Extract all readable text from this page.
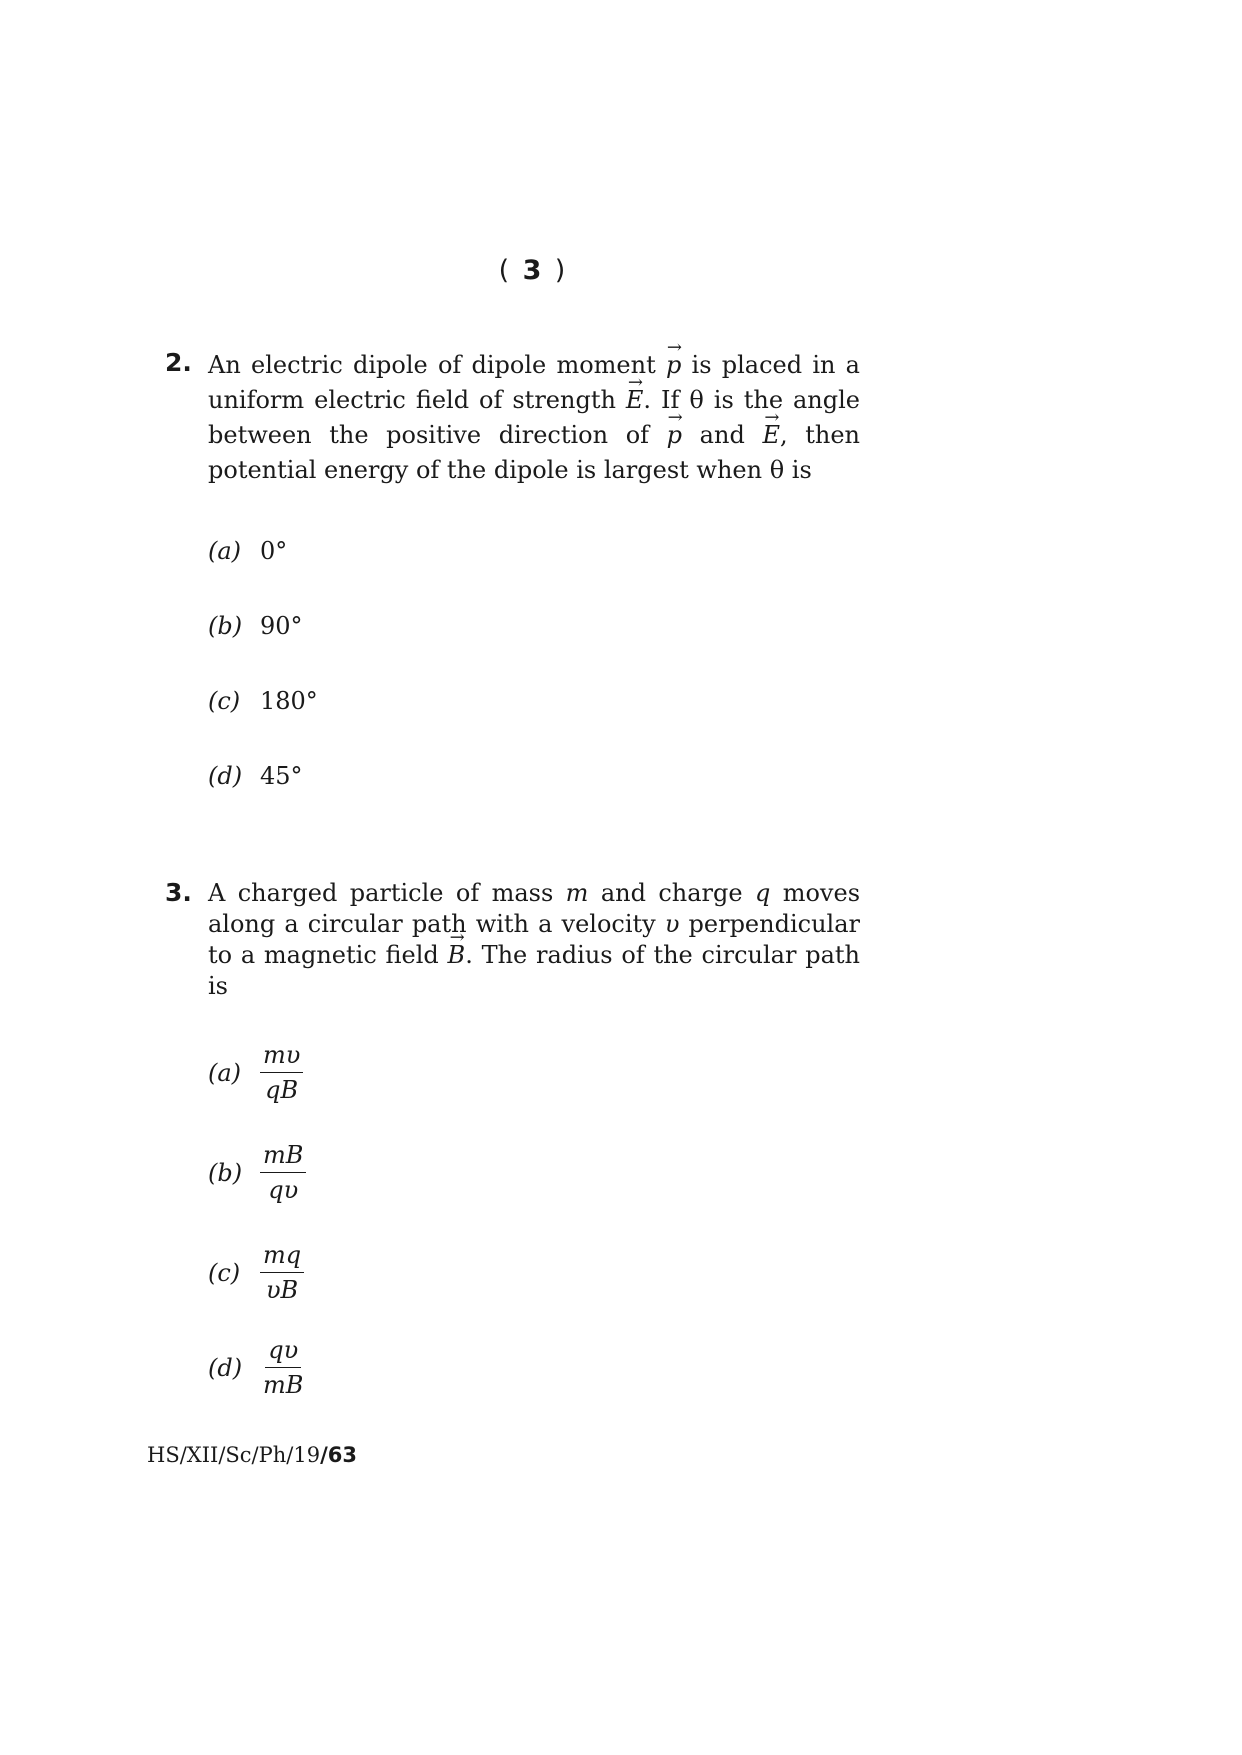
( 3 )
2. An electric dipole of dipole moment → p is placed in a uniform electric field of strength → E. If θ is the angle between the positive direction of → p and → E, then potential energy of the dipole is largest when θ is
(a) 0°
(b) 90°
(c) 180°
(d) 45°
3. A charged particle of mass m and charge q moves along a circular path with a velocity υ perpendicular to a magnetic field → B. The radius of the circular path is
$(a) \frac{m\upsilon}{qB}$
$(b) \frac{mB}{q\upsilon}$
$(c) \frac{mq}{\upsilon B}$
$(d) \frac{q\upsilon}{mB}$
HS/XII/Sc/Ph/19/63
